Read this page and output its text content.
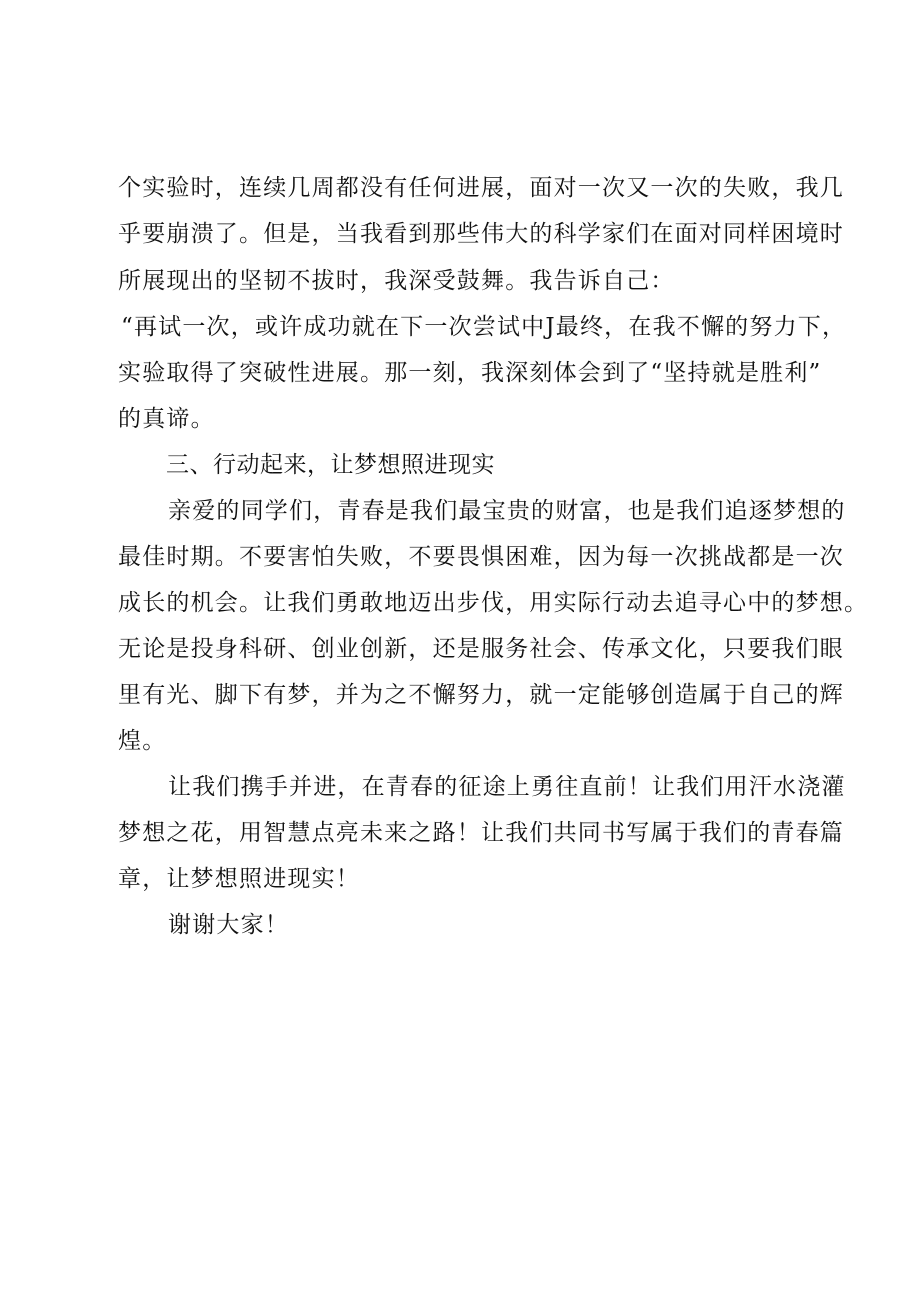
个实验时，连续几周都没有任何进展，面对一次又一次的失败，我几
乎要崩溃了。但是，当我看到那些伟大的科学家们在面对同样困境时
所展现出的坚韧不拔时，我深受鼓舞。我告诉自己：
“再试一次，或许成功就在下一次尝试中J最终，在我不懈的努力下，
实验取得了突破性进展。那一刻，我深刻体会到了“坚持就是胜利”
的真谛。
三、行动起来，让梦想照进现实
亲爱的同学们，青春是我们最宝贵的财富，也是我们追逐梦想的
最佳时期。不要害怕失败，不要畏惧困难，因为每一次挑战都是一次
成长的机会。让我们勇敢地迈出步伐，用实际行动去追寻心中的梦想。
无论是投身科研、创业创新，还是服务社会、传承文化，只要我们眼
里有光、脚下有梦，并为之不懈努力，就一定能够创造属于自己的辉
煌。
让我们携手并进，在青春的征途上勇往直前！让我们用汗水浇灌
梦想之花，用智慧点亮未来之路！让我们共同书写属于我们的青春篇
章，让梦想照进现实！
谢谢大家！
